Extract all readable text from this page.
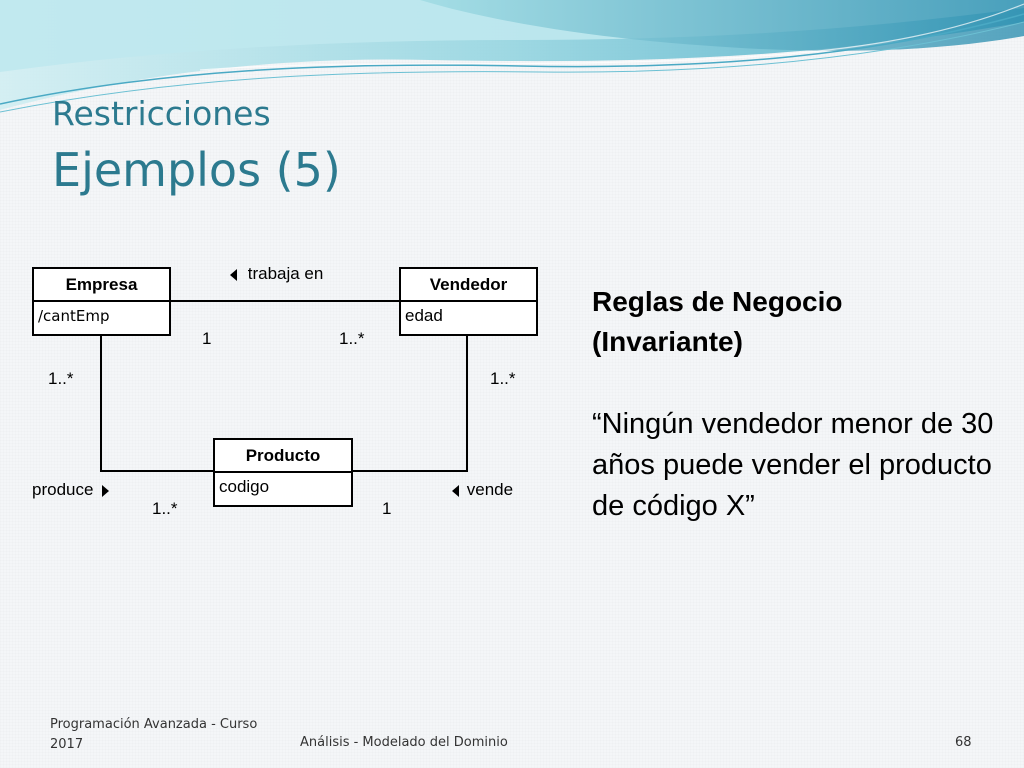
Restricciones
Ejemplos (5)
Empresa
/cantEmp
Vendedor
edad
Producto
codigo
trabaja en
1	1..*
1..*	1..*
produce
1..*
vende
1
Reglas de Negocio (Invariante)

“Ningún vendedor menor de 30 años puede vender el producto de código X”

Programación Avanzada - Curso 2017	Análisis - Modelado del Dominio	68
